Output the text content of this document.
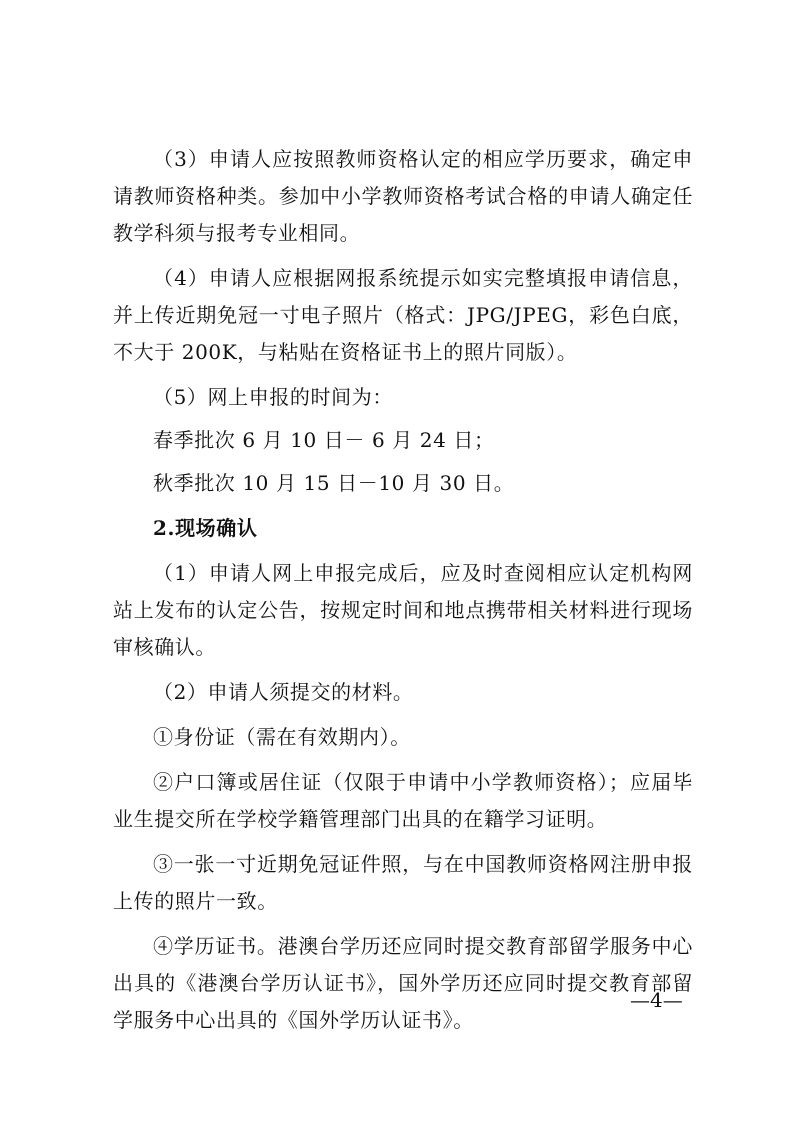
（3）申请人应按照教师资格认定的相应学历要求，确定申请教师资格种类。参加中小学教师资格考试合格的申请人确定任教学科须与报考专业相同。

（4）申请人应根据网报系统提示如实完整填报申请信息，并上传近期免冠一寸电子照片（格式：JPG/JPEG，彩色白底，不大于 200K，与粘贴在资格证书上的照片同版）。

（5）网上申报的时间为：

春季批次 6 月 10 日－ 6 月 24 日；

秋季批次 10 月 15 日－10 月 30 日。

2.现场确认

（1）申请人网上申报完成后，应及时查阅相应认定机构网站上发布的认定公告，按规定时间和地点携带相关材料进行现场审核确认。

（2）申请人须提交的材料。

①身份证（需在有效期内）。

②户口簿或居住证（仅限于申请中小学教师资格）；应届毕业生提交所在学校学籍管理部门出具的在籍学习证明。

③一张一寸近期免冠证件照，与在中国教师资格网注册申报上传的照片一致。

④学历证书。港澳台学历还应同时提交教育部留学服务中心出具的《港澳台学历认证书》，国外学历还应同时提交教育部留学服务中心出具的《国外学历认证书》。

—4—
